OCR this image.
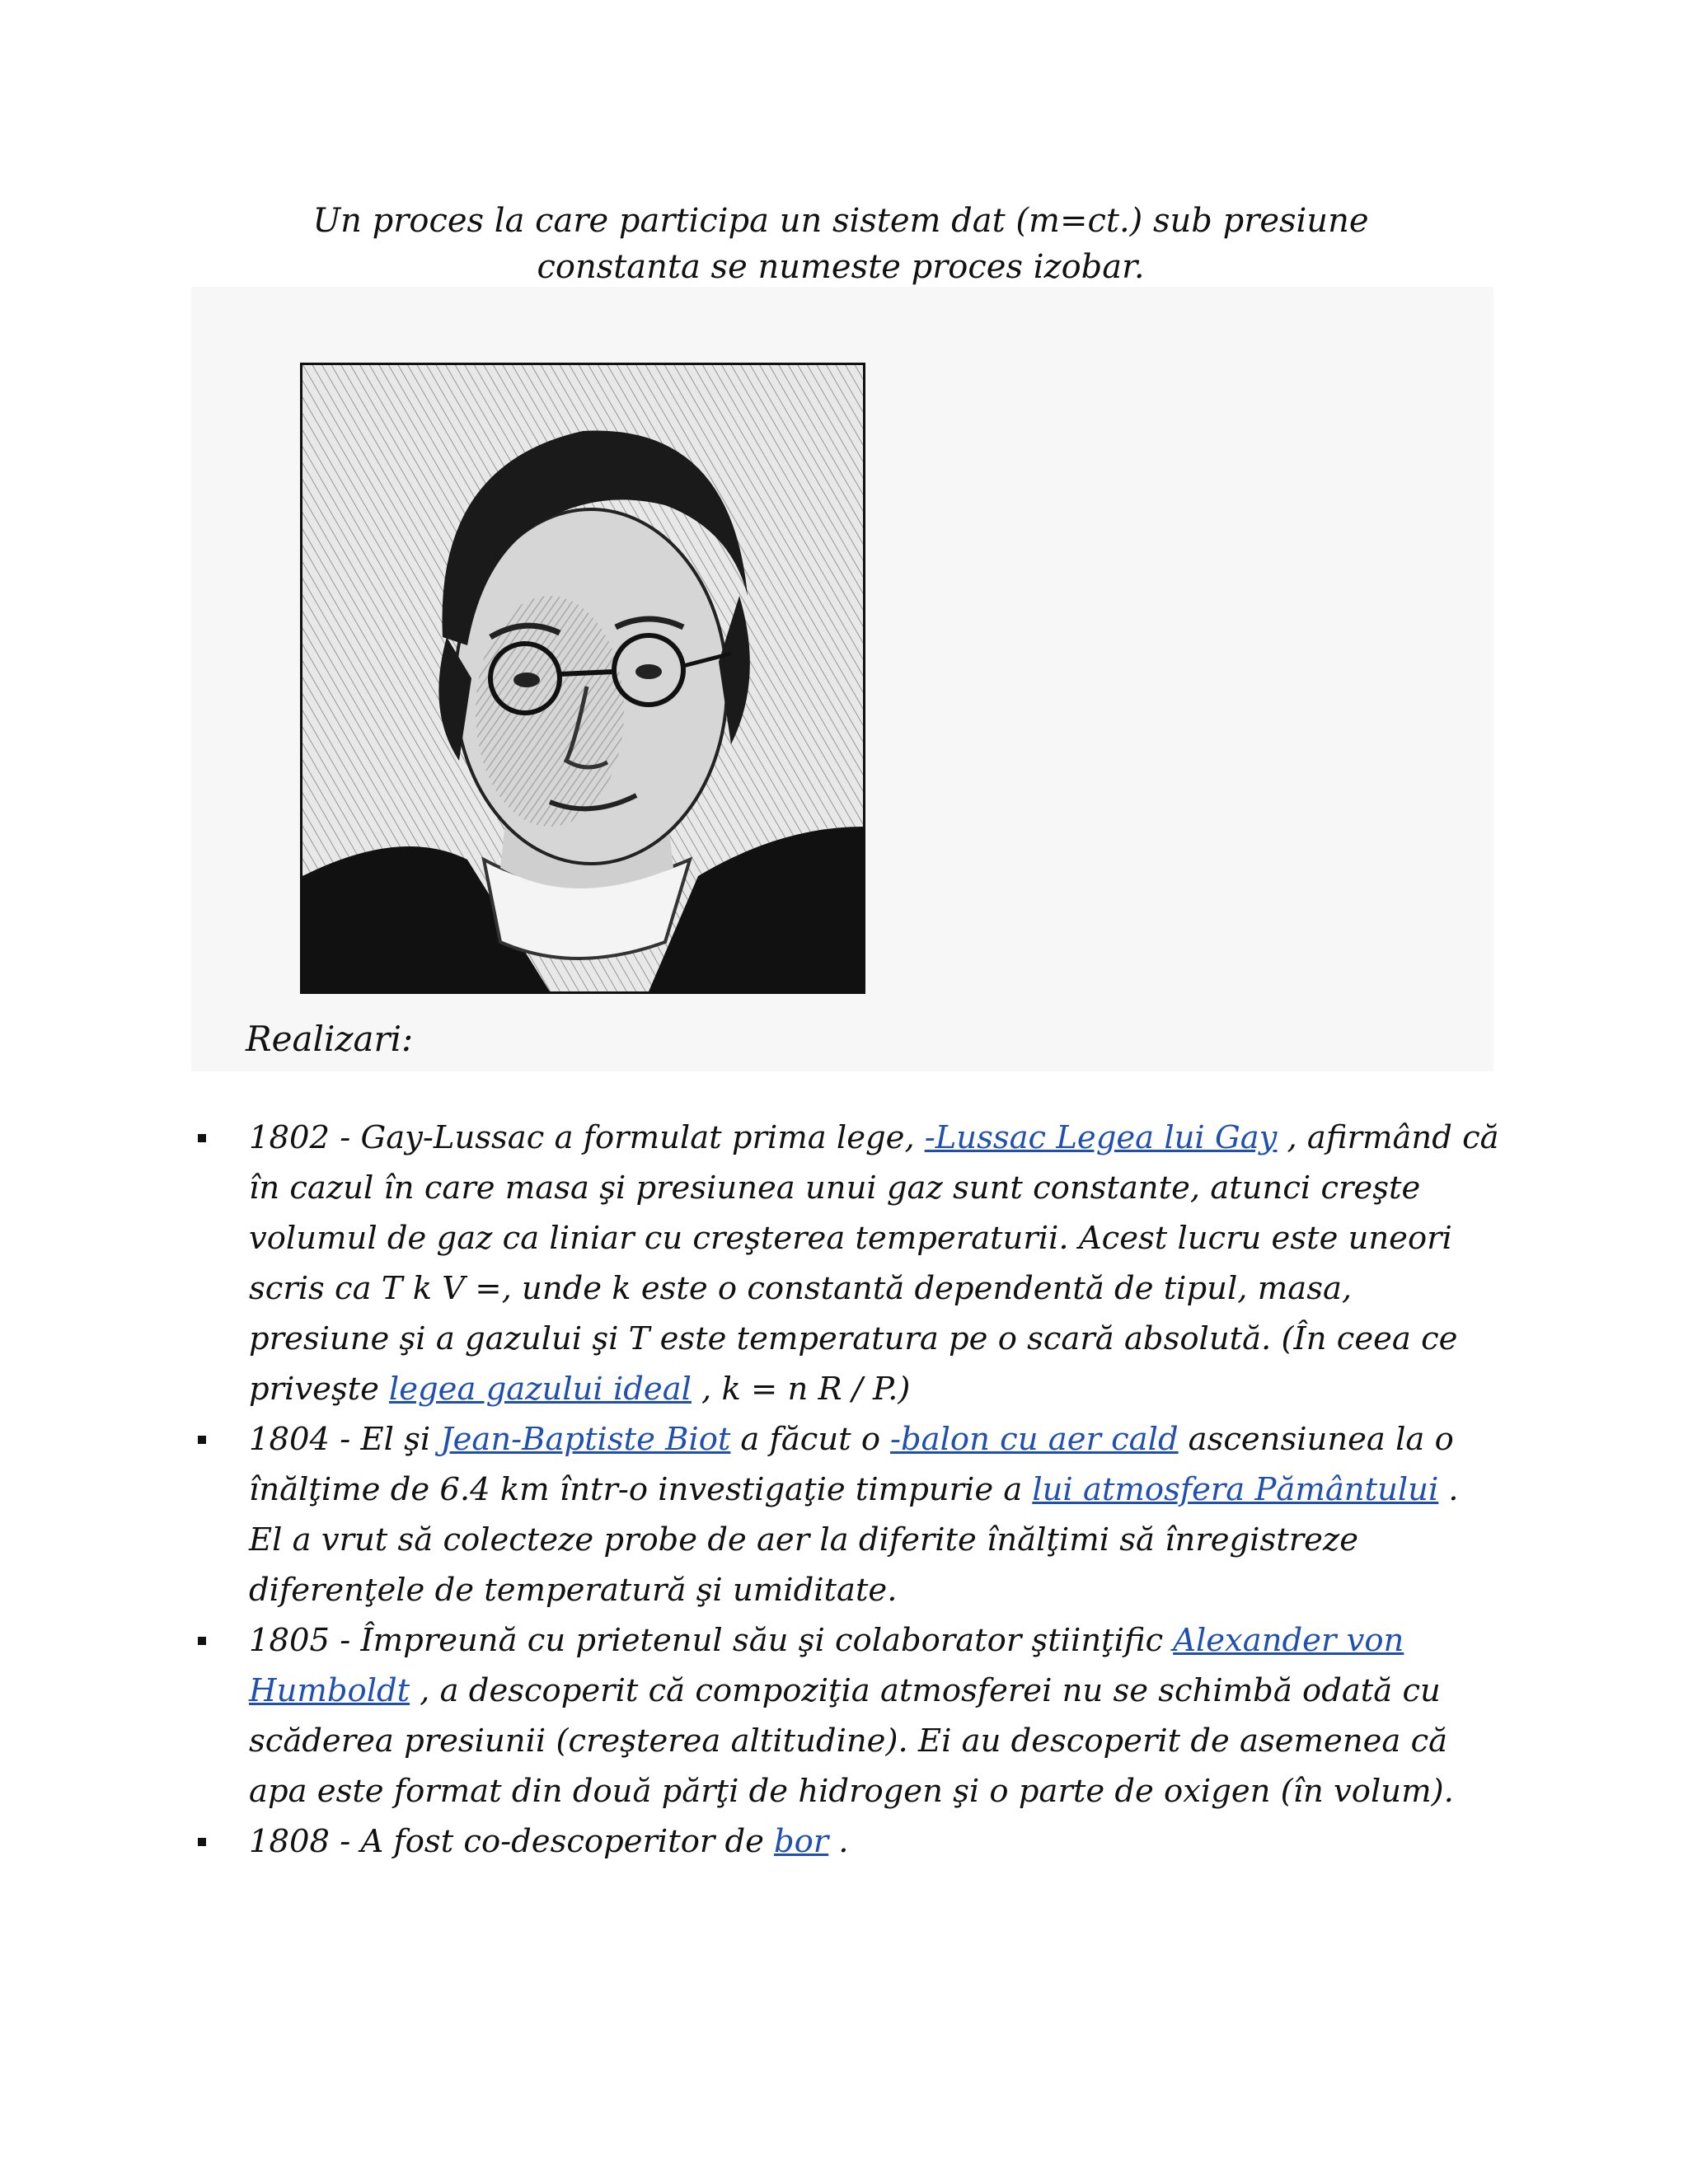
Un proces la care participa un sistem dat (m=ct.) sub presiune
constanta se numeste proces izobar.
Realizari:
1802 - Gay-Lussac a formulat prima lege, -Lussac Legea lui Gay , afirmând că în cazul în care masa şi presiunea unui gaz sunt constante, atunci creşte volumul de gaz ca liniar cu creşterea temperaturii. Acest lucru este uneori scris ca T k V =, unde k este o constantă dependentă de tipul, masa, presiune şi a gazului şi T este temperatura pe o scară absolută. (În ceea ce priveşte legea gazului ideal , k = n R / P.)
1804 - El şi Jean-Baptiste Biot a făcut o -balon cu aer cald ascensiunea la o înălţime de 6.4 km într-o investigaţie timpurie a lui atmosfera Pământului . El a vrut să colecteze probe de aer la diferite înălţimi să înregistreze diferenţele de temperatură şi umiditate.
1805 - Împreună cu prietenul său şi colaborator ştiinţific Alexander von Humboldt , a descoperit că compoziţia atmosferei nu se schimbă odată cu scăderea presiunii (creşterea altitudine). Ei au descoperit de asemenea că apa este format din două părţi de hidrogen şi o parte de oxigen (în volum).
1808 - A fost co-descoperitor de bor .
